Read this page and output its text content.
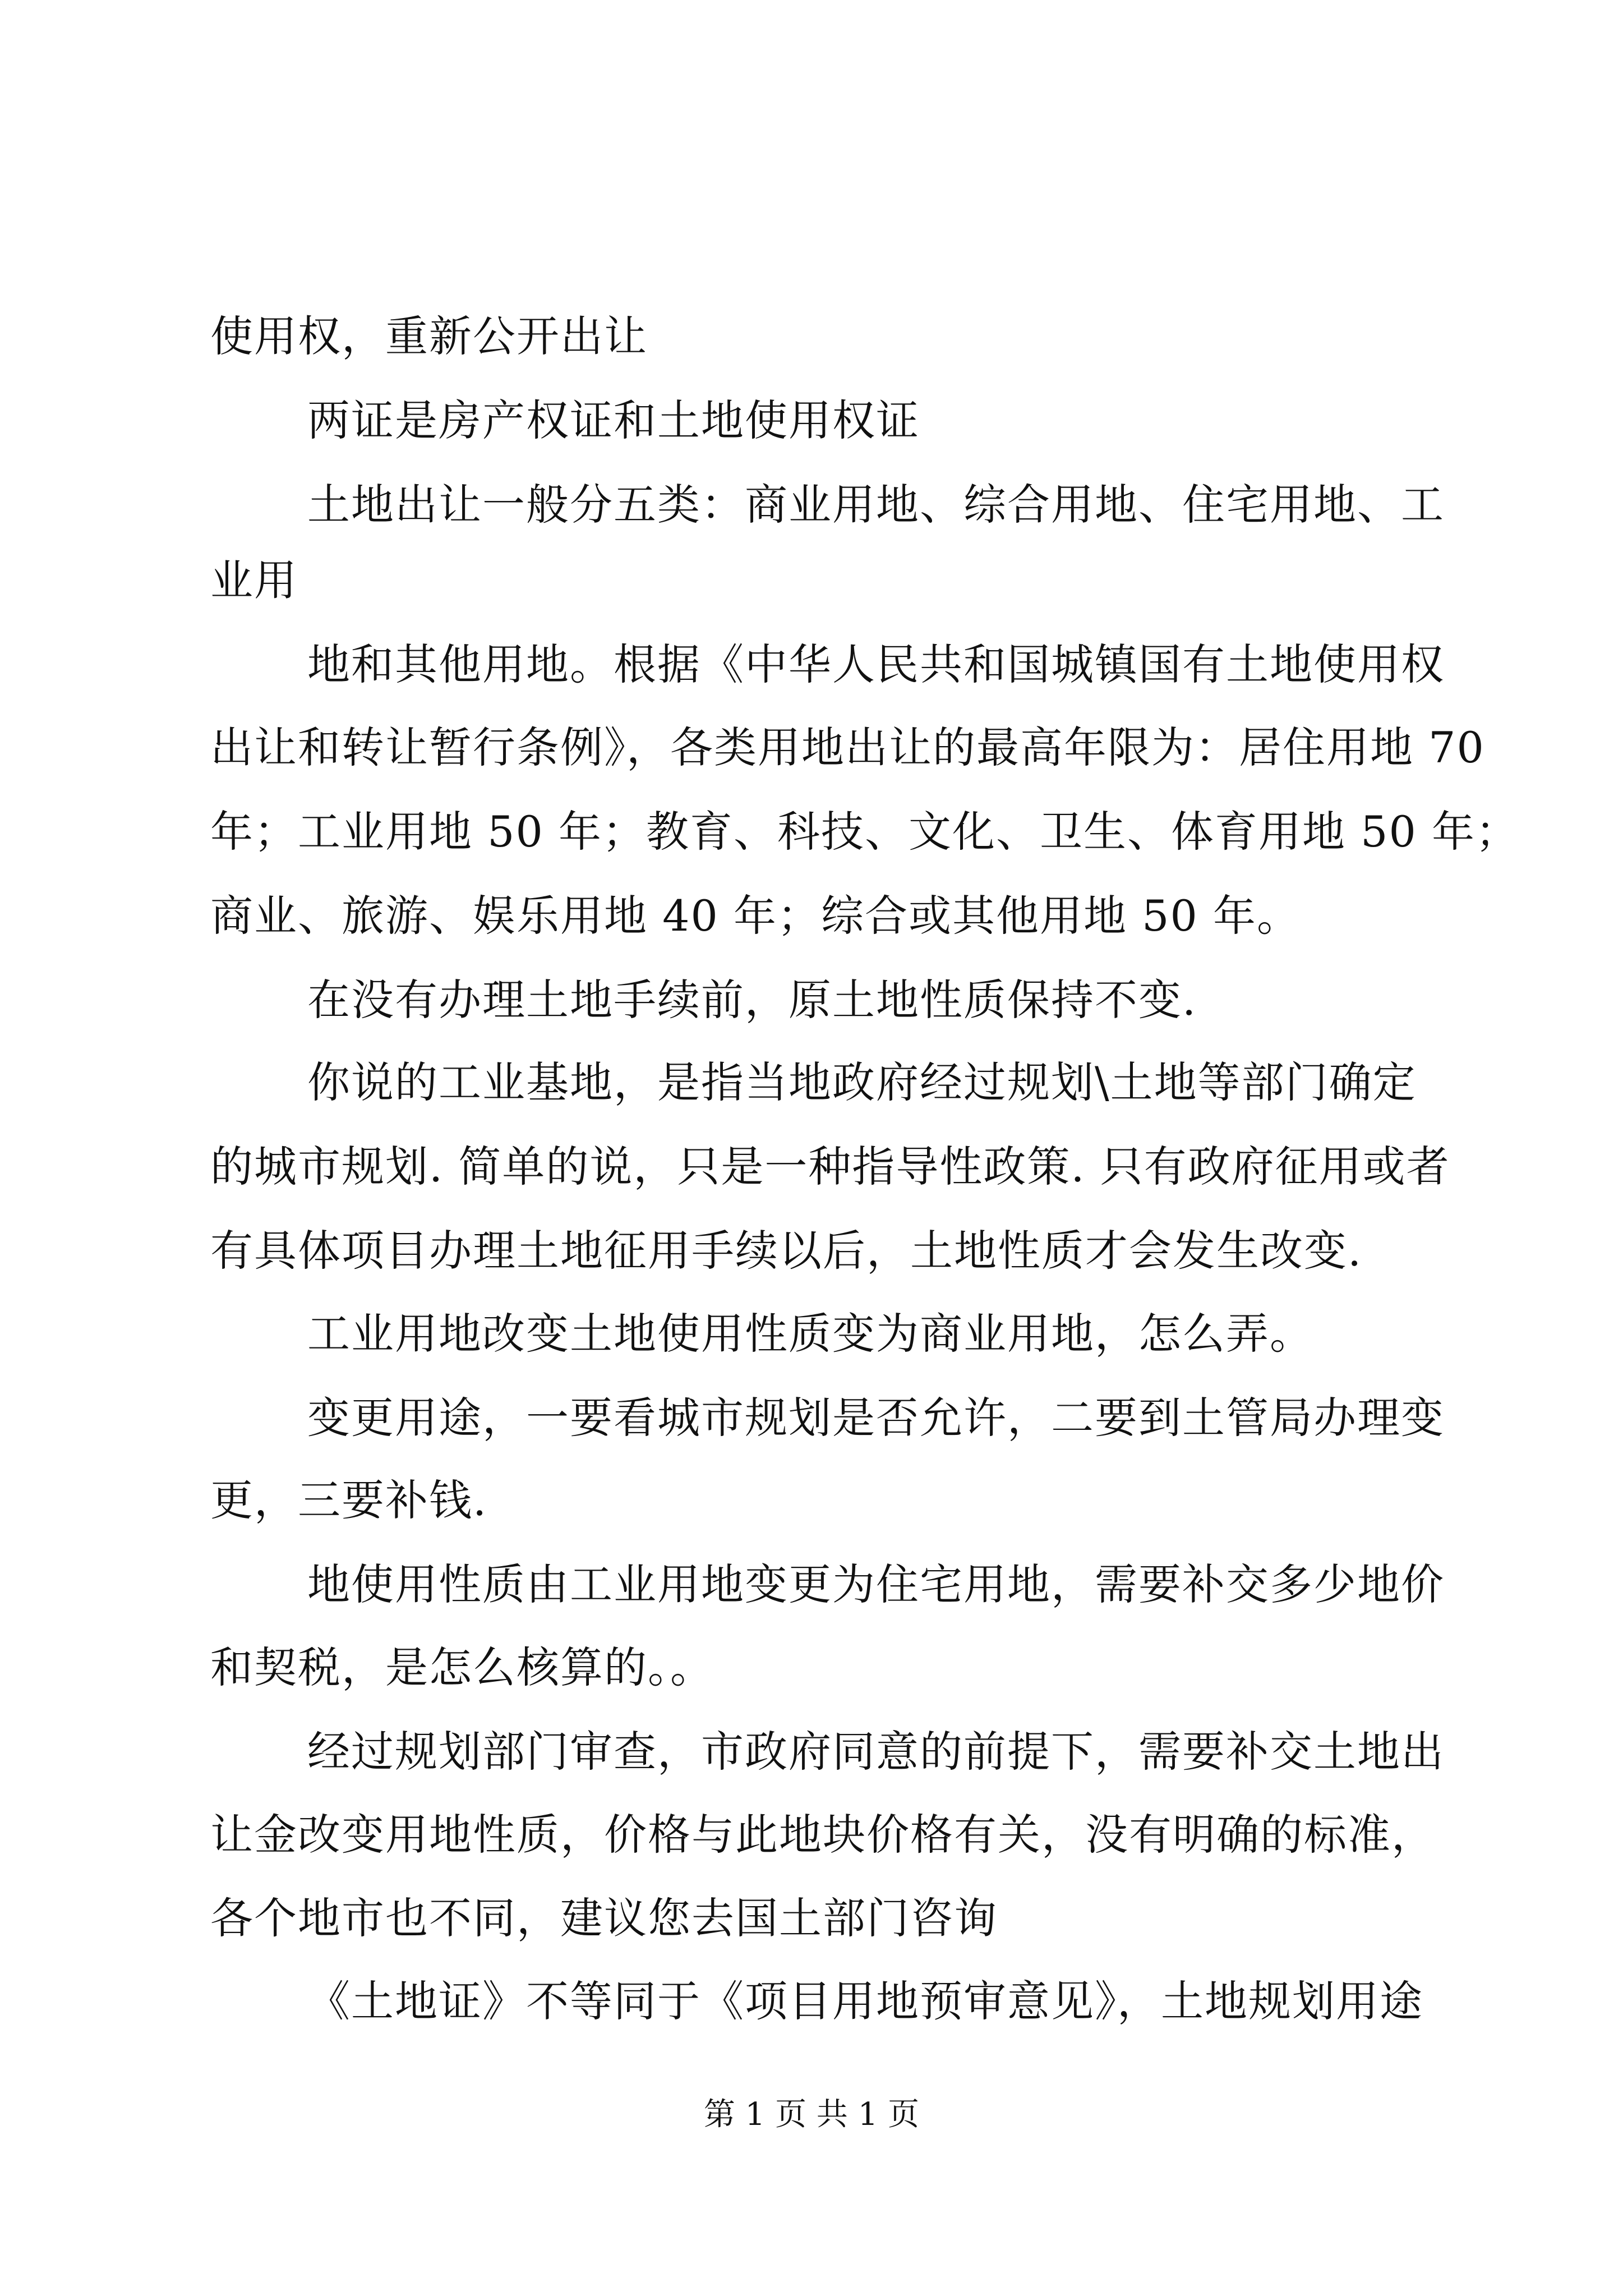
使用权，重新公开出让
两证是房产权证和土地使用权证
土地出让一般分五类：商业用地、综合用地、住宅用地、工
业用
地和其他用地。根据《中华人民共和国城镇国有土地使用权
出让和转让暂行条例》，各类用地出让的最高年限为：居住用地 70
年；工业用地 50 年；教育、科技、文化、卫生、体育用地 50 年；
商业、旅游、娱乐用地 40 年；综合或其他用地 50 年。
在没有办理土地手续前，原土地性质保持不变.
你说的工业基地，是指当地政府经过规划\土地等部门确定
的城市规划. 简单的说，只是一种指导性政策. 只有政府征用或者
有具体项目办理土地征用手续以后，土地性质才会发生改变.
工业用地改变土地使用性质变为商业用地，怎么弄。
变更用途，一要看城市规划是否允许，二要到土管局办理变
更，三要补钱.
地使用性质由工业用地变更为住宅用地，需要补交多少地价
和契税，是怎么核算的。。
经过规划部门审查，市政府同意的前提下，需要补交土地出
让金改变用地性质，价格与此地块价格有关，没有明确的标准，
各个地市也不同，建议您去国土部门咨询
《土地证》不等同于《项目用地预审意见》，土地规划用途
第 1 页 共 1 页
